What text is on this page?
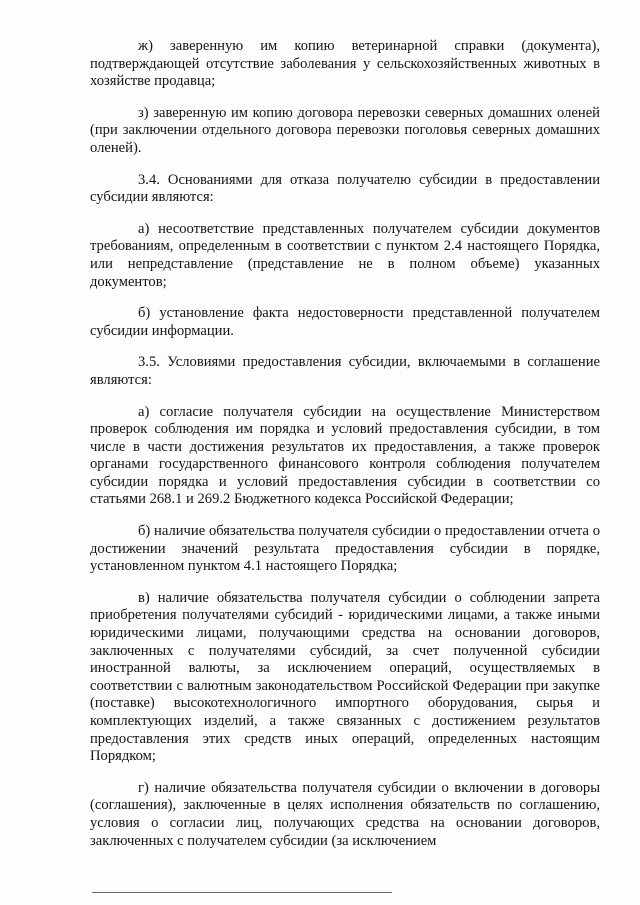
ж) заверенную им копию ветеринарной справки (документа), подтверждающей отсутствие заболевания у сельскохозяйственных животных в хозяйстве продавца;

з) заверенную им копию договора перевозки северных домашних оленей (при заключении отдельного договора перевозки поголовья северных домашних оленей).

3.4. Основаниями для отказа получателю субсидии в предоставлении субсидии являются:

а) несоответствие представленных получателем субсидии документов требованиям, определенным в соответствии с пунктом 2.4 настоящего Порядка, или непредставление (представление не в полном объеме) указанных документов;

б) установление факта недостоверности представленной получателем субсидии информации.

3.5. Условиями предоставления субсидии, включаемыми в соглашение являются:

а) согласие получателя субсидии на осуществление Министерством проверок соблюдения им порядка и условий предоставления субсидии, в том числе в части достижения результатов их предоставления, а также проверок органами государственного финансового контроля соблюдения получателем субсидии порядка и условий предоставления субсидии в соответствии со статьями 268.1 и 269.2 Бюджетного кодекса Российской Федерации;

б) наличие обязательства получателя субсидии о предоставлении отчета о достижении значений результата предоставления субсидии в порядке, установленном пунктом 4.1 настоящего Порядка;

в) наличие обязательства получателя субсидии о соблюдении запрета приобретения получателями субсидий - юридическими лицами, а также иными юридическими лицами, получающими средства на основании договоров, заключенных с получателями субсидий, за счет полученной субсидии иностранной валюты, за исключением операций, осуществляемых в соответствии с валютным законодательством Российской Федерации при закупке (поставке) высокотехнологичного импортного оборудования, сырья и комплектующих изделий, а также связанных с достижением результатов предоставления этих средств иных операций, определенных настоящим Порядком;

г) наличие обязательства получателя субсидии о включении в договоры (соглашения), заключенные в целях исполнения обязательств по соглашению, условия о согласии лиц, получающих средства на основании договоров, заключенных с получателем субсидии (за исключением
